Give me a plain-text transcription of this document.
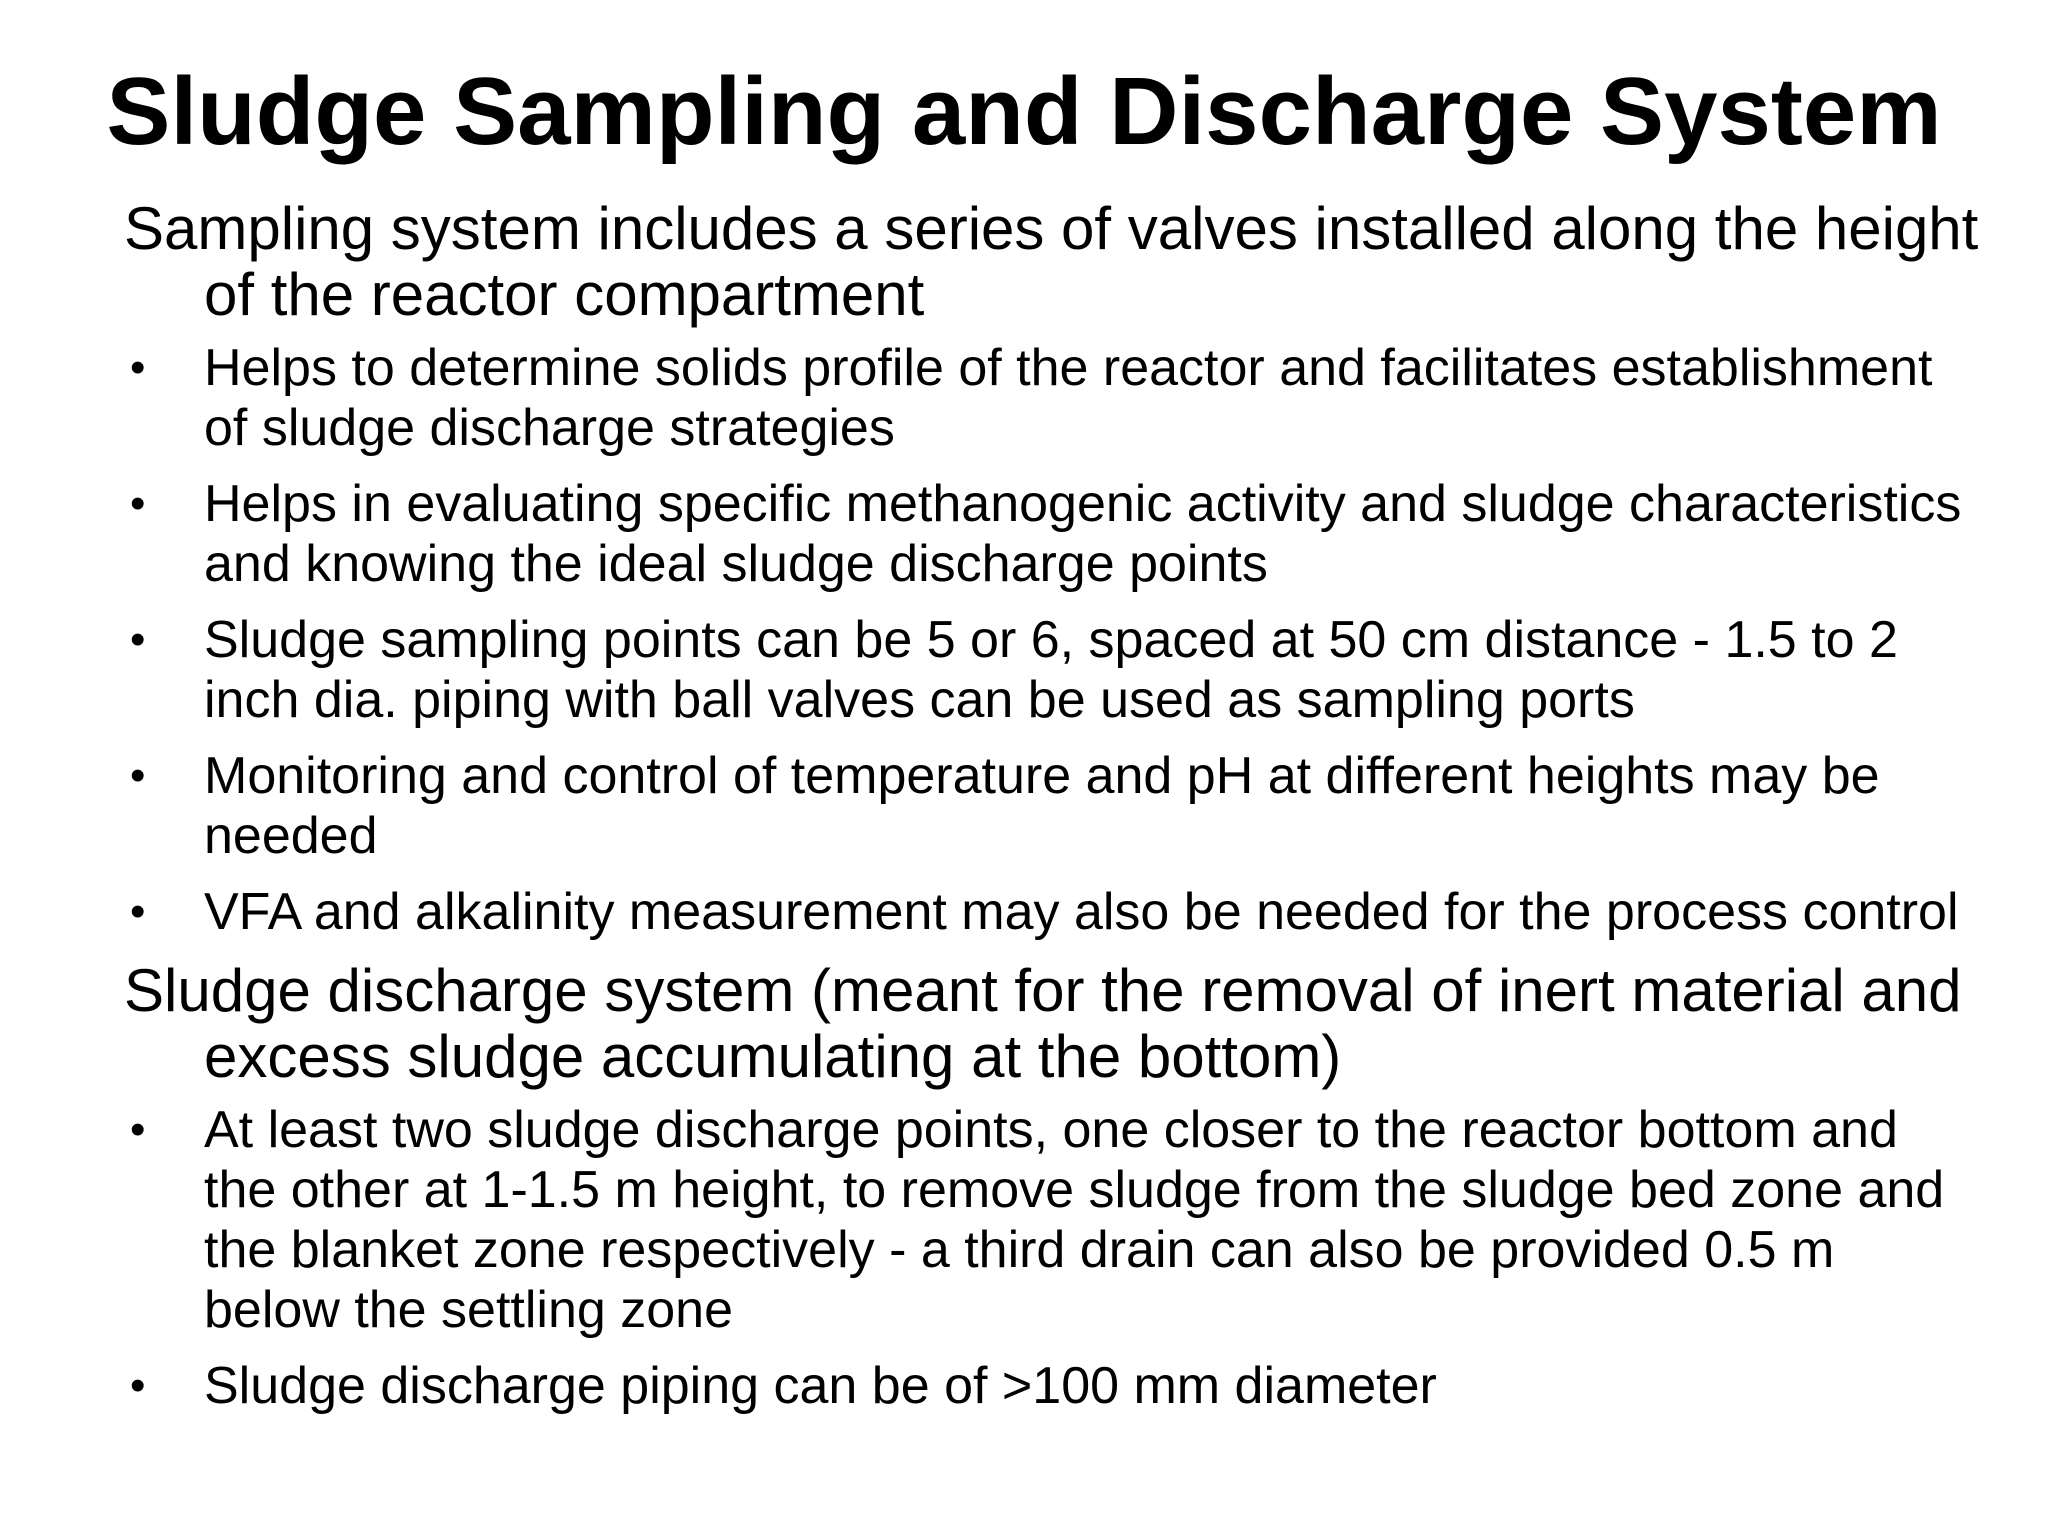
Sludge Sampling and Discharge System

Sampling system includes a series of valves installed along the height of the reactor compartment

• Helps to determine solids profile of the reactor and facilitates establishment of sludge discharge strategies
• Helps in evaluating specific methanogenic activity and sludge characteristics and knowing the ideal sludge discharge points
• Sludge sampling points can be 5 or 6, spaced at 50 cm distance - 1.5 to 2 inch dia. piping with ball valves can be used as sampling ports
• Monitoring and control of temperature and pH at different heights may be needed
• VFA and alkalinity measurement may also be needed for the process control

Sludge discharge system (meant for the removal of inert material and excess sludge accumulating at the bottom)

• At least two sludge discharge points, one closer to the reactor bottom and the other at 1-1.5 m height, to remove sludge from the sludge bed zone and the blanket zone respectively - a third drain can also be provided 0.5 m below the settling zone
• Sludge discharge piping can be of >100 mm diameter
